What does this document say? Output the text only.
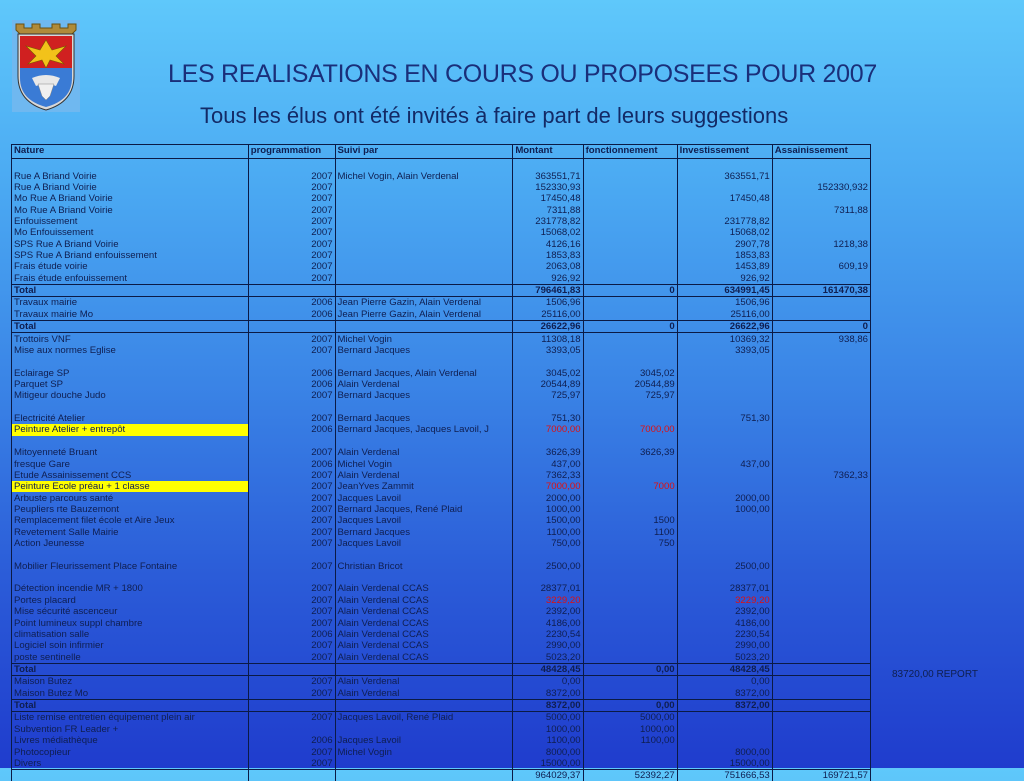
LES REALISATIONS EN COURS OU PROPOSEES POUR 2007
Tous les élus ont été invités à faire part de leurs suggestions
83720,00 REPORT
Nature	programmation	Suivi par	Montant	fonctionnement	Investissement	Assainissement

Rue A Briand Voirie	2007	Michel Vogin, Alain Verdenal	363551,71		363551,71	
Rue A Briand Voirie	2007		152330,93			152330,932
Mo Rue A Briand Voirie	2007		17450,48		17450,48	
Mo Rue A Briand Voirie	2007		7311,88			7311,88
Enfouissement	2007		231778,82		231778,82	
Mo Enfouissement	2007		15068,02		15068,02	
SPS Rue A Briand Voirie	2007		4126,16		2907,78	1218,38
SPS Rue A Briand enfouissement	2007		1853,83		1853,83	
Frais étude voirie	2007		2063,08		1453,89	609,19
Frais étude enfouissement	2007		926,92		926,92	
Total			796461,83	0	634991,45	161470,38
Travaux mairie	2006	Jean Pierre Gazin, Alain Verdenal	1506,96		1506,96	
Travaux mairie Mo	2006	Jean Pierre Gazin, Alain Verdenal	25116,00		25116,00	
Total			26622,96	0	26622,96	0
Trottoirs VNF	2007	Michel Vogin	11308,18		10369,32	938,86
Mise aux normes Eglise	2007	Bernard Jacques	3393,05		3393,05	

Eclairage SP	2006	Bernard Jacques, Alain Verdenal	3045,02	3045,02		
Parquet SP	2006	Alain Verdenal	20544,89	20544,89		
Mitigeur douche Judo	2007	Bernard Jacques	725,97	725,97		

Electricité Atelier	2007	Bernard Jacques	751,30		751,30	
Peinture Atelier + entrepôt	2006	Bernard Jacques, Jacques Lavoil, J	7000,00	7000,00		

Mitoyenneté Bruant	2007	Alain Verdenal	3626,39	3626,39		
fresque Gare	2006	Michel Vogin	437,00		437,00	
Etude Assainissement CCS	2007	Alain Verdenal	7362,33			7362,33
Peinture Ecole préau + 1 classe	2007	JeanYves Zammit	7000,00	7000		
Arbuste parcours santé	2007	Jacques Lavoil	2000,00		2000,00	
Peupliers rte Bauzemont	2007	Bernard Jacques, René Plaid	1000,00		1000,00	
Remplacement filet école et Aire Jeux	2007	Jacques Lavoil	1500,00	1500		
Revetement Salle Mairie	2007	Bernard Jacques	1100,00	1100		
Action Jeunesse	2007	Jacques Lavoil	750,00	750		

Mobilier Fleurissement Place Fontaine	2007	Christian Bricot	2500,00		2500,00	

Détection incendie MR + 1800	2007	Alain Verdenal CCAS	28377,01		28377,01	
Portes placard	2007	Alain Verdenal CCAS	3229,20		3229,20	
Mise sécurité ascenceur	2007	Alain Verdenal CCAS	2392,00		2392,00	
Point lumineux suppl chambre	2007	Alain Verdenal CCAS	4186,00		4186,00	
climatisation salle	2006	Alain Verdenal CCAS	2230,54		2230,54	
Logiciel soin infirmier	2007	Alain Verdenal CCAS	2990,00		2990,00	
poste sentinelle	2007	Alain Verdenal CCAS	5023,20		5023,20	
Total			48428,45	0,00	48428,45	
Maison Butez	2007	Alain Verdenal	0,00		0,00	
Maison Butez Mo	2007	Alain Verdenal	8372,00		8372,00	
Total			8372,00	0,00	8372,00	
Liste remise entretien équipement plein air	2007	Jacques Lavoil, René Plaid	5000,00	5000,00		
Subvention FR Leader +			1000,00	1000,00		
Livres médiathèque	2006	Jacques Lavoil	1100,00	1100,00		
Photocopieur	2007	Michel Vogin	8000,00		8000,00	
Divers	2007		15000,00		15000,00	
			964029,37	52392,27	751666,53	169721,57
